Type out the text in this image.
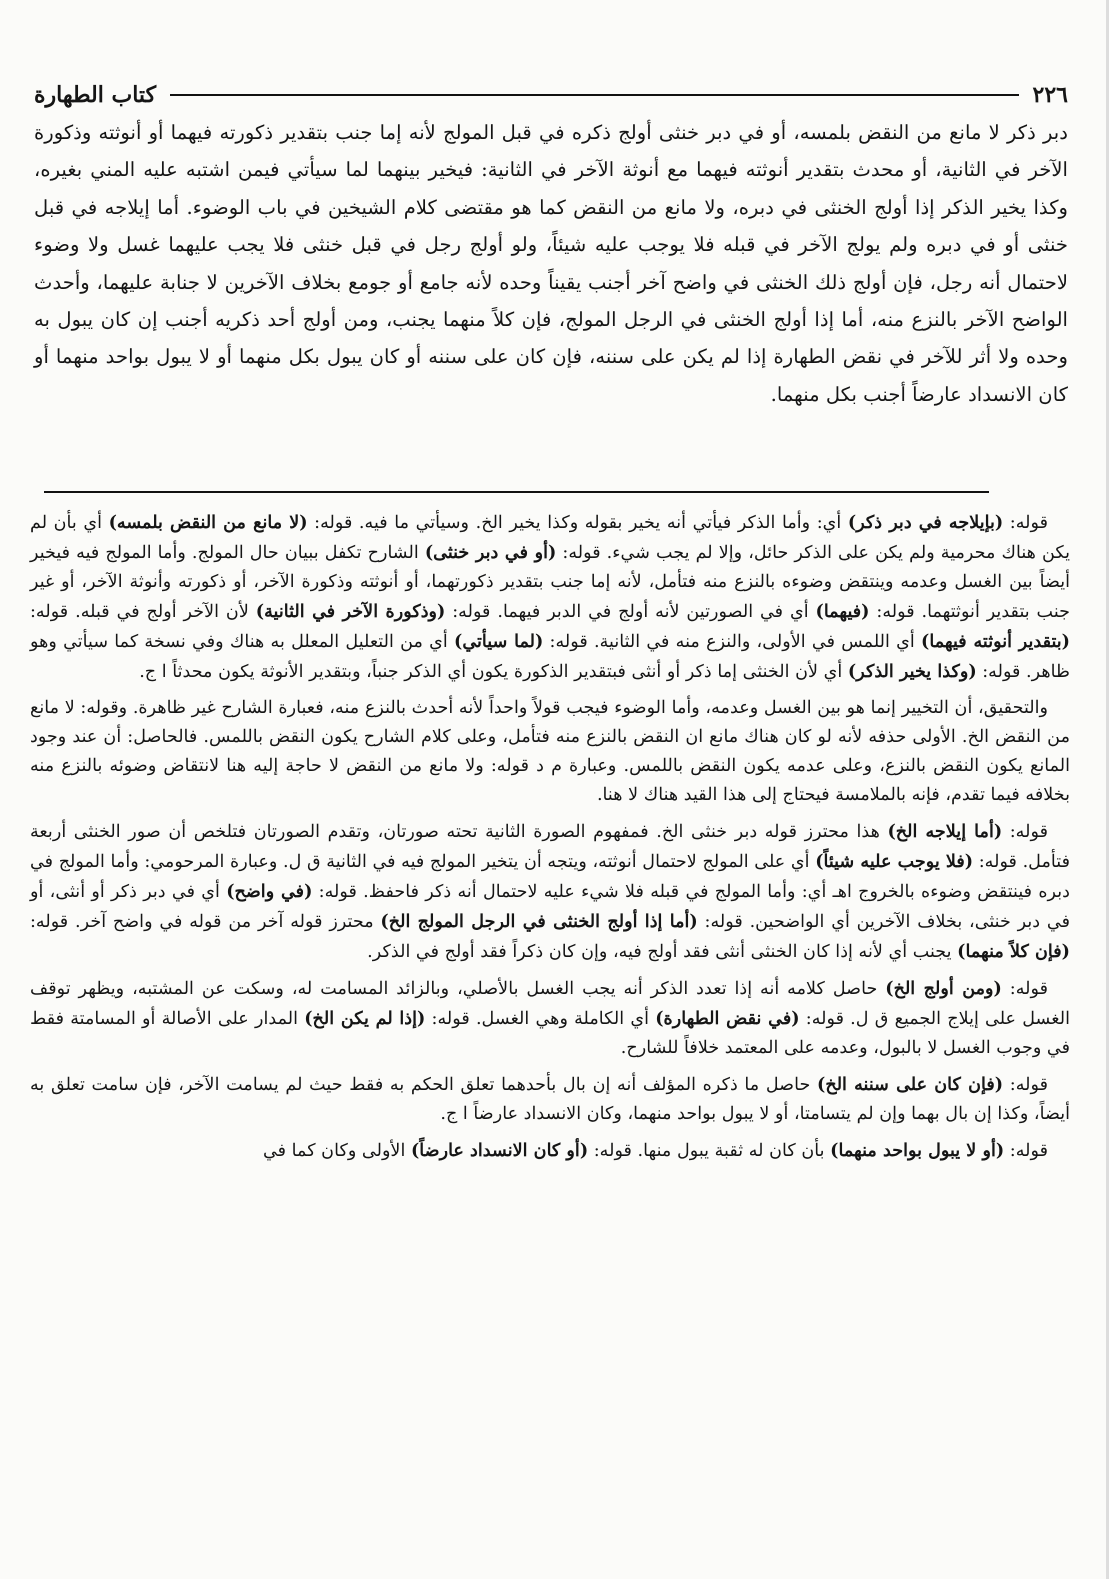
٢٢٦
كتاب الطهارة

دبر ذكر لا مانع من النقض بلمسه، أو في دبر خنثى أولج ذكره في قبل المولج لأنه إما جنب بتقدير ذكورته فيهما أو أنوثته وذكورة الآخر في الثانية، أو محدث بتقدير أنوثته فيهما مع أنوثة الآخر في الثانية: فيخير بينهما لما سيأتي فيمن اشتبه عليه المني بغيره، وكذا يخير الذكر إذا أولج الخنثى في دبره، ولا مانع من النقض كما هو مقتضى كلام الشيخين في باب الوضوء. أما إيلاجه في قبل خنثى أو في دبره ولم يولج الآخر في قبله فلا يوجب عليه شيئاً، ولو أولج رجل في قبل خنثى فلا يجب عليهما غسل ولا وضوء لاحتمال أنه رجل، فإن أولج ذلك الخنثى في واضح آخر أجنب يقيناً وحده لأنه جامع أو جومع بخلاف الآخرين لا جنابة عليهما، وأحدث الواضح الآخر بالنزع منه، أما إذا أولج الخنثى في الرجل المولج، فإن كلاً منهما يجنب، ومن أولج أحد ذكريه أجنب إن كان يبول به وحده ولا أثر للآخر في نقض الطهارة إذا لم يكن على سننه، فإن كان على سننه أو كان يبول بكل منهما أو لا يبول بواحد منهما أو كان الانسداد عارضاً أجنب بكل منهما.

قوله: (بإيلاجه في دبر ذكر) أي: وأما الذكر فيأتي أنه يخير بقوله وكذا يخير الخ. وسيأتي ما فيه. قوله: (لا مانع من النقض بلمسه) أي بأن لم يكن هناك محرمية ولم يكن على الذكر حائل، وإلا لم يجب شيء. قوله: (أو في دبر خنثى) الشارح تكفل ببيان حال المولج. وأما المولج فيه فيخير أيضاً بين الغسل وعدمه وينتقض وضوءه بالنزع منه فتأمل، لأنه إما جنب بتقدير ذكورتهما، أو أنوثته وذكورة الآخر، أو ذكورته وأنوثة الآخر، أو غير جنب بتقدير أنوثتهما. قوله: (فيهما) أي في الصورتين لأنه أولج في الدبر فيهما. قوله: (وذكورة الآخر في الثانية) لأن الآخر أولج في قبله. قوله: (بتقدير أنوثته فيهما) أي اللمس في الأولى، والنزع منه في الثانية. قوله: (لما سيأتي) أي من التعليل المعلل به هناك وفي نسخة كما سيأتي وهو ظاهر. قوله: (وكذا يخير الذكر) أي لأن الخنثى إما ذكر أو أنثى فبتقدير الذكورة يكون أي الذكر جنباً، وبتقدير الأنوثة يكون محدثاً ا ج.

والتحقيق، أن التخيير إنما هو بين الغسل وعدمه، وأما الوضوء فيجب قولاً واحداً لأنه أحدث بالنزع منه، فعبارة الشارح غير ظاهرة. وقوله: لا مانع من النقض الخ. الأولى حذفه لأنه لو كان هناك مانع ان النقض بالنزع منه فتأمل، وعلى كلام الشارح يكون النقض باللمس. فالحاصل: أن عند وجود المانع يكون النقض بالنزع، وعلى عدمه يكون النقض باللمس. وعبارة م د قوله: ولا مانع من النقض لا حاجة إليه هنا لانتقاض وضوئه بالنزع منه بخلافه فيما تقدم، فإنه بالملامسة فيحتاج إلى هذا القيد هناك لا هنا.

قوله: (أما إيلاجه الخ) هذا محترز قوله دبر خنثى الخ. فمفهوم الصورة الثانية تحته صورتان، وتقدم الصورتان فتلخص أن صور الخنثى أربعة فتأمل. قوله: (فلا يوجب عليه شيئاً) أي على المولج لاحتمال أنوثته، ويتجه أن يتخير المولج فيه في الثانية ق ل. وعبارة المرحومي: وأما المولج في دبره فينتقض وضوءه بالخروج اهـ أي: وأما المولج في قبله فلا شيء عليه لاحتمال أنه ذكر فاحفظ. قوله: (في واضح) أي في دبر ذكر أو أنثى، أو في دبر خنثى، بخلاف الآخرين أي الواضحين. قوله: (أما إذا أولج الخنثى في الرجل المولج الخ) محترز قوله آخر من قوله في واضح آخر. قوله: (فإن كلاً منهما) يجنب أي لأنه إذا كان الخنثى أنثى فقد أولج فيه، وإن كان ذكراً فقد أولج في الذكر.

قوله: (ومن أولج الخ) حاصل كلامه أنه إذا تعدد الذكر أنه يجب الغسل بالأصلي، وبالزائد المسامت له، وسكت عن المشتبه، ويظهر توقف الغسل على إيلاج الجميع ق ل. قوله: (في نقض الطهارة) أي الكاملة وهي الغسل. قوله: (إذا لم يكن الخ) المدار على الأصالة أو المسامتة فقط في وجوب الغسل لا بالبول، وعدمه على المعتمد خلافاً للشارح.

قوله: (فإن كان على سننه الخ) حاصل ما ذكره المؤلف أنه إن بال بأحدهما تعلق الحكم به فقط حيث لم يسامت الآخر، فإن سامت تعلق به أيضاً، وكذا إن بال بهما وإن لم يتسامتا، أو لا يبول بواحد منهما، وكان الانسداد عارضاً ا ج.

قوله: (أو لا يبول بواحد منهما) بأن كان له ثقبة يبول منها. قوله: (أو كان الانسداد عارضاً) الأولى وكان كما في
